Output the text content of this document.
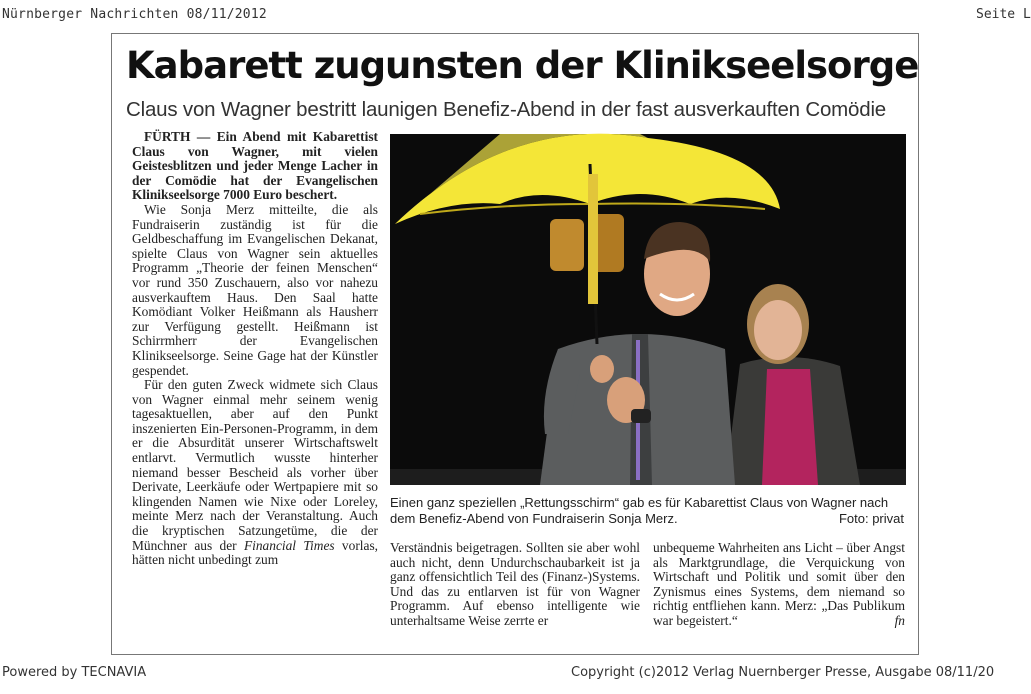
Nürnberger Nachrichten 08/11/2012	Seite L
Kabarett zugunsten der Klinikseelsorge
Claus von Wagner bestritt launigen Benefiz-Abend in der fast ausverkauften Comödie

FÜRTH — Ein Abend mit Kabarettist Claus von Wagner, mit vielen Geistesblitzen und jeder Menge Lacher in der Comödie hat der Evangelischen Klinikseelsorge 7000 Euro beschert.

Wie Sonja Merz mitteilte, die als Fundraiserin zuständig ist für die Geldbeschaffung im Evangelischen Dekanat, spielte Claus von Wagner sein aktuelles Programm „Theorie der feinen Menschen“ vor rund 350 Zuschauern, also vor nahezu ausverkauftem Haus. Den Saal hatte Komödiant Volker Heißmann als Hausherr zur Verfügung gestellt. Heißmann ist Schirrmherr der Evangelischen Klinikseelsorge. Seine Gage hat der Künstler gespendet.

Für den guten Zweck widmete sich Claus von Wagner einmal mehr seinem wenig tagesaktuellen, aber auf den Punkt inszenierten Ein-Personen-Programm, in dem er die Absurdität unserer Wirtschaftswelt entlarvt. Vermutlich wusste hinterher niemand besser Bescheid als vorher über Derivate, Leerkäufe oder Wertpapiere mit so klingenden Namen wie Nixe oder Loreley, meinte Merz nach der Veranstaltung. Auch die kryptischen Satzungetüme, die der Münchner aus der Financial Times vorlas, hätten nicht unbedingt zum

Einen ganz speziellen „Rettungsschirm“ gab es für Kabarettist Claus von Wagner nach dem Benefiz-Abend von Fundraiserin Sonja Merz.	Foto: privat

Verständnis beigetragen. Sollten sie aber wohl auch nicht, denn Undurchschaubarkeit ist ja ganz offensichtlich Teil des (Finanz-)Systems. Und das zu entlarven ist für von Wagner Programm. Auf ebenso intelligente wie unterhaltsame Weise zerrte er

unbequeme Wahrheiten ans Licht – über Angst als Marktgrundlage, die Verquickung von Wirtschaft und Politik und somit über den Zynismus eines Systems, dem niemand so richtig entfliehen kann. Merz: „Das Publikum war begeistert.“	fn

Powered by TECNAVIA	Copyright (c)2012 Verlag Nuernberger Presse, Ausgabe 08/11/20
